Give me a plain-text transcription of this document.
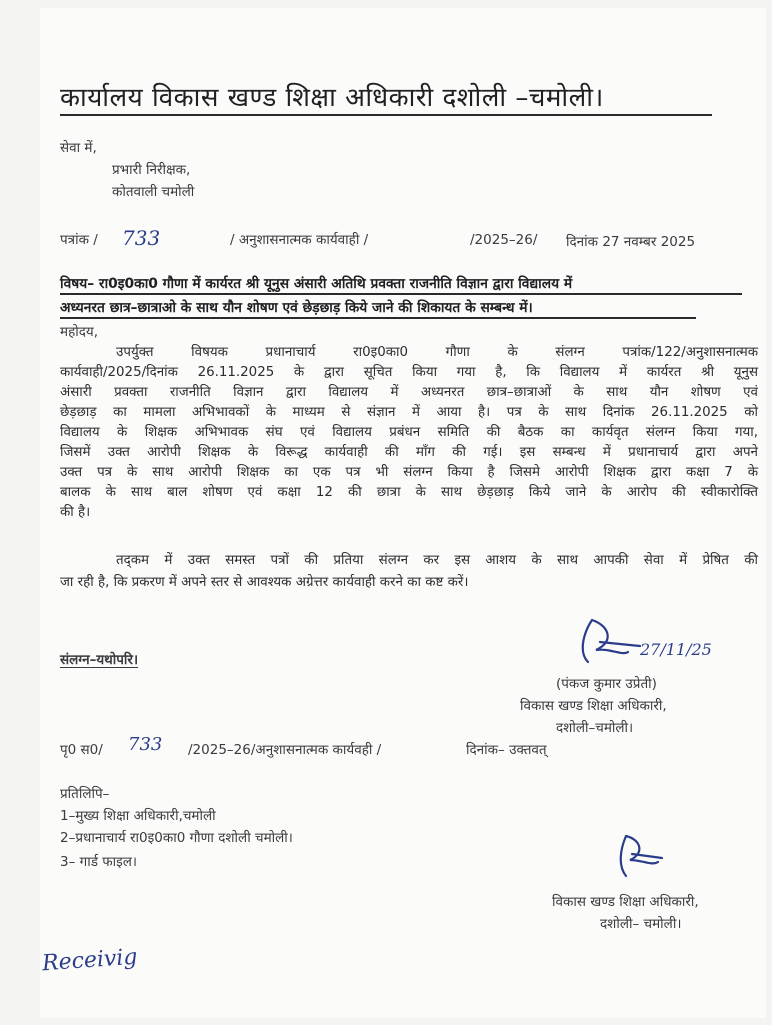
कार्यालय विकास खण्ड शिक्षा अधिकारी दशोली –चमोली।
सेवा में,
प्रभारी निरीक्षक,
कोतवाली चमोली
पत्रांक / 733	/ अनुशासनात्मक कार्यवाही /	/2025–26/ दिनांक 27 नवम्बर 2025
विषय– रा0इ0का0 गौणा में कार्यरत श्री यूनुस अंसारी अतिथि प्रवक्ता राजनीति विज्ञान द्वारा विद्यालय में
अध्यनरत छात्र–छात्राओ के साथ यौन शोषण एवं छेड़छाड़ किये जाने की शिकायत के सम्बन्ध में।
महोदय,
उपर्युक्त विषयक प्रधानाचार्य रा0इ0का0 गौणा के संलग्न पत्रांक/122/अनुशासनात्मक
कार्यवाही/2025/दिनांक 26.11.2025 के द्वारा सूचित किया गया है, कि विद्यालय में कार्यरत श्री यूनुस
अंसारी प्रवक्ता राजनीति विज्ञान द्वारा विद्यालय में अध्यनरत छात्र–छात्राओं के साथ यौन शोषण एवं
छेड़छाड़ का मामला अभिभावकों के माध्यम से संज्ञान में आया है। पत्र के साथ दिनांक 26.11.2025 को
विद्यालय के शिक्षक अभिभावक संघ एवं विद्यालय प्रबंधन समिति की बैठक का कार्यवृत संलग्न किया गया,
जिसमें उक्त आरोपी शिक्षक के विरूद्ध कार्यवाही की माँग की गई। इस सम्बन्ध में प्रधानाचार्य द्वारा अपने
उक्त पत्र के साथ आरोपी शिक्षक का एक पत्र भी संलग्न किया है जिसमे आरोपी शिक्षक द्वारा कक्षा 7 के
बालक के साथ बाल शोषण एवं कक्षा 12 की छात्रा के साथ छेड़छाड़ किये जाने के आरोप की स्वीकारोक्ति
की है।
तद्कम में उक्त समस्त पत्रों की प्रतिया संलग्न कर इस आशय के साथ आपकी सेवा में प्रेषित की
जा रही है, कि प्रकरण में अपने स्तर से आवश्यक अग्रेत्तर कार्यवाही करने का कष्ट करें।
संलग्न–यथोपरि।
27/11/25
(पंकज कुमार उप्रेती)
विकास खण्ड शिक्षा अधिकारी,
दशोली–चमोली।
पृ0 स0/ 733 /2025–26/अनुशासनात्मक कार्यवही /	दिनांक– उक्तवत्
प्रतिलिपि–
1–मुख्य शिक्षा अधिकारी,चमोली
2–प्रधानाचार्य रा0इ0का0 गौणा दशोली चमोली।
3– गार्ड फाइल।
विकास खण्ड शिक्षा अधिकारी,
दशोली– चमोली।
Receivig
